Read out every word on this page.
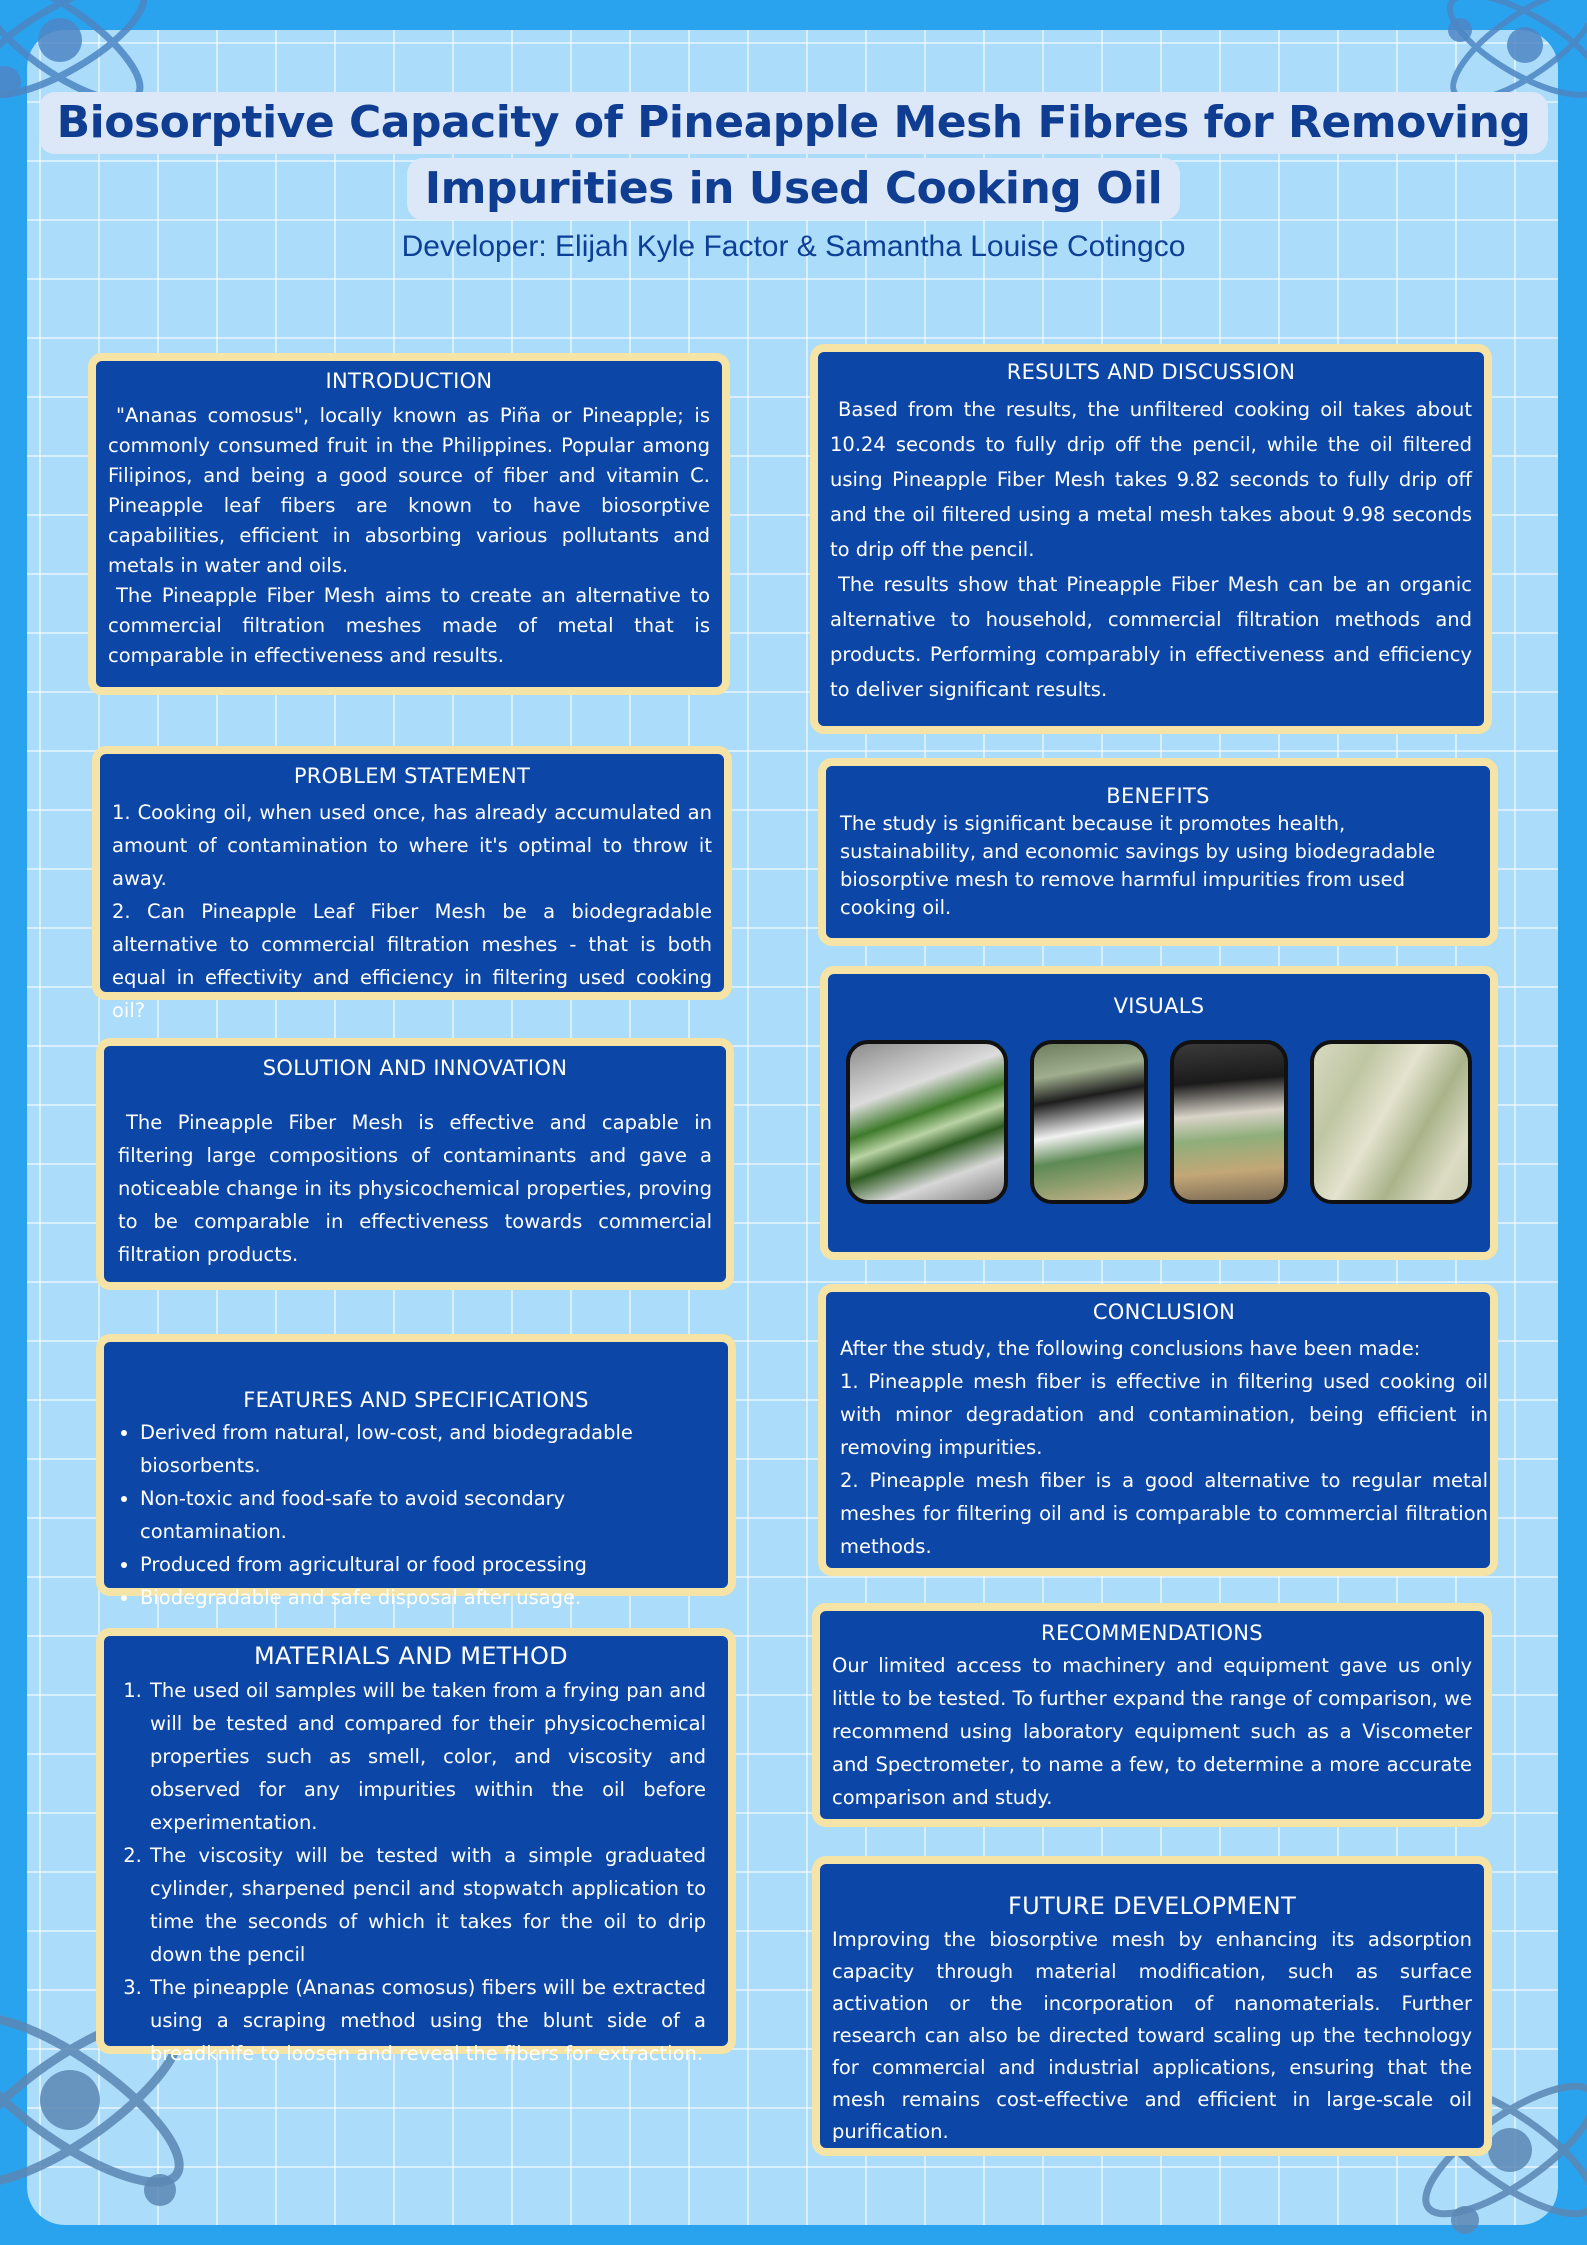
Biosorptive Capacity of Pineapple Mesh Fibres for Removing
Impurities in Used Cooking Oil
Developer: Elijah Kyle Factor & Samantha Louise Cotingco
INTRODUCTION

"Ananas comosus", locally known as Piña or Pineapple; is commonly consumed fruit in the Philippines. Popular among Filipinos, and being a good source of fiber and vitamin C. Pineapple leaf fibers are known to have biosorptive capabilities, efficient in absorbing various pollutants and metals in water and oils.

The Pineapple Fiber Mesh aims to create an alternative to commercial filtration meshes made of metal that is comparable in effectiveness and results.

PROBLEM STATEMENT

1. Cooking oil, when used once, has already accumulated an amount of contamination to where it's optimal to throw it away.

2. Can Pineapple Leaf Fiber Mesh be a biodegradable alternative to commercial filtration meshes - that is both equal in effectivity and efficiency in filtering used cooking oil?

SOLUTION AND INNOVATION

The Pineapple Fiber Mesh is effective and capable in filtering large compositions of contaminants and gave a noticeable change in its physicochemical properties, proving to be comparable in effectiveness towards commercial filtration products.

FEATURES AND SPECIFICATIONS
• Derived from natural, low-cost, and biodegradable biosorbents.
• Non-toxic and food-safe to avoid secondary contamination.
• Produced from agricultural or food processing
• Biodegradable and safe disposal after usage.
MATERIALS AND METHOD
1. The used oil samples will be taken from a frying pan and will be tested and compared for their physicochemical properties such as smell, color, and viscosity and observed for any impurities within the oil before experimentation.
2. The viscosity will be tested with a simple graduated cylinder, sharpened pencil and stopwatch application to time the seconds of which it takes for the oil to drip down the pencil
3. The pineapple (Ananas comosus) fibers will be extracted using a scraping method using the blunt side of a breadknife to loosen and reveal the fibers for extraction.
RESULTS AND DISCUSSION

Based from the results, the unfiltered cooking oil takes about 10.24 seconds to fully drip off the pencil, while the oil filtered using Pineapple Fiber Mesh takes 9.82 seconds to fully drip off and the oil filtered using a metal mesh takes about 9.98 seconds to drip off the pencil.

The results show that Pineapple Fiber Mesh can be an organic alternative to household, commercial filtration methods and products. Performing comparably in effectiveness and efficiency to deliver significant results.

BENEFITS

The study is significant because it promotes health, sustainability, and economic savings by using biodegradable biosorptive mesh to remove harmful impurities from used cooking oil.

VISUALS
CONCLUSION

After the study, the following conclusions have been made:

1. Pineapple mesh fiber is effective in filtering used cooking oil with minor degradation and contamination, being efficient in removing impurities.

2. Pineapple mesh fiber is a good alternative to regular metal meshes for filtering oil and is comparable to commercial filtration methods.

RECOMMENDATIONS

Our limited access to machinery and equipment gave us only little to be tested. To further expand the range of comparison, we recommend using laboratory equipment such as a Viscometer and Spectrometer, to name a few, to determine a more accurate comparison and study.

FUTURE DEVELOPMENT

Improving the biosorptive mesh by enhancing its adsorption capacity through material modification, such as surface activation or the incorporation of nanomaterials. Further research can also be directed toward scaling up the technology for commercial and industrial applications, ensuring that the mesh remains cost-effective and efficient in large-scale oil purification.
